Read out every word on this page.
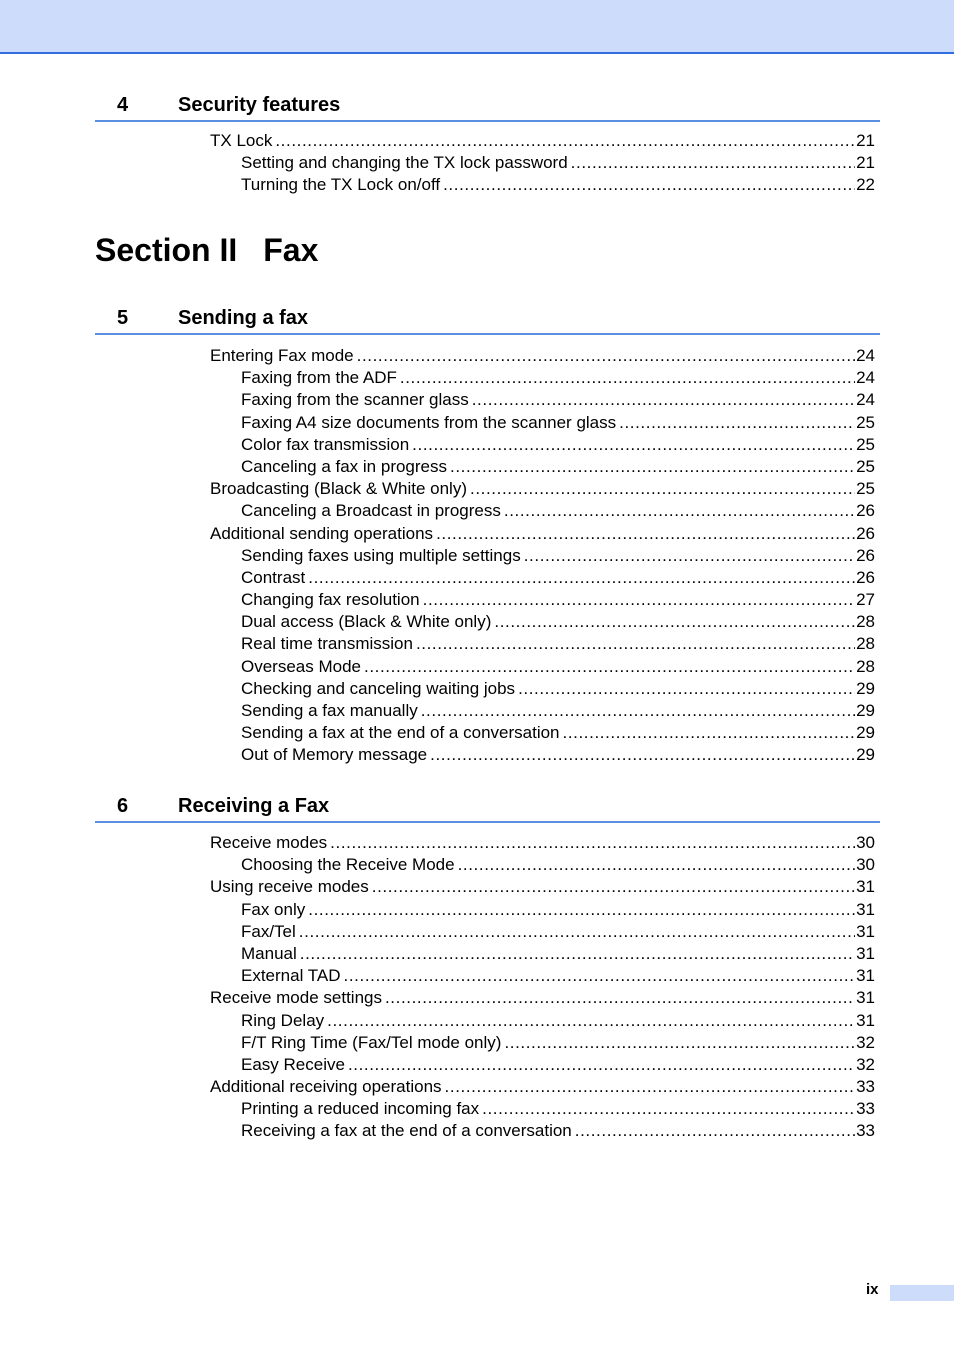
4 Security features
TX Lock .....	21
Setting and changing the TX lock password .....	21
Turning the TX Lock on/off .....	22
Section II Fax
5 Sending a fax
Entering Fax mode .....	24
Faxing from the ADF .....	24
Faxing from the scanner glass .....	24
Faxing A4 size documents from the scanner glass .....	25
Color fax transmission .....	25
Canceling a fax in progress .....	25
Broadcasting (Black & White only) .....	25
Canceling a Broadcast in progress .....	26
Additional sending operations .....	26
Sending faxes using multiple settings .....	26
Contrast .....	26
Changing fax resolution .....	27
Dual access (Black & White only) .....	28
Real time transmission .....	28
Overseas Mode .....	28
Checking and canceling waiting jobs .....	29
Sending a fax manually .....	29
Sending a fax at the end of a conversation .....	29
Out of Memory message .....	29
6 Receiving a Fax
Receive modes .....	30
Choosing the Receive Mode .....	30
Using receive modes .....	31
Fax only .....	31
Fax/Tel .....	31
Manual .....	31
External TAD .....	31
Receive mode settings .....	31
Ring Delay .....	31
F/T Ring Time (Fax/Tel mode only) .....	32
Easy Receive .....	32
Additional receiving operations .....	33
Printing a reduced incoming fax .....	33
Receiving a fax at the end of a conversation .....	33
ix
